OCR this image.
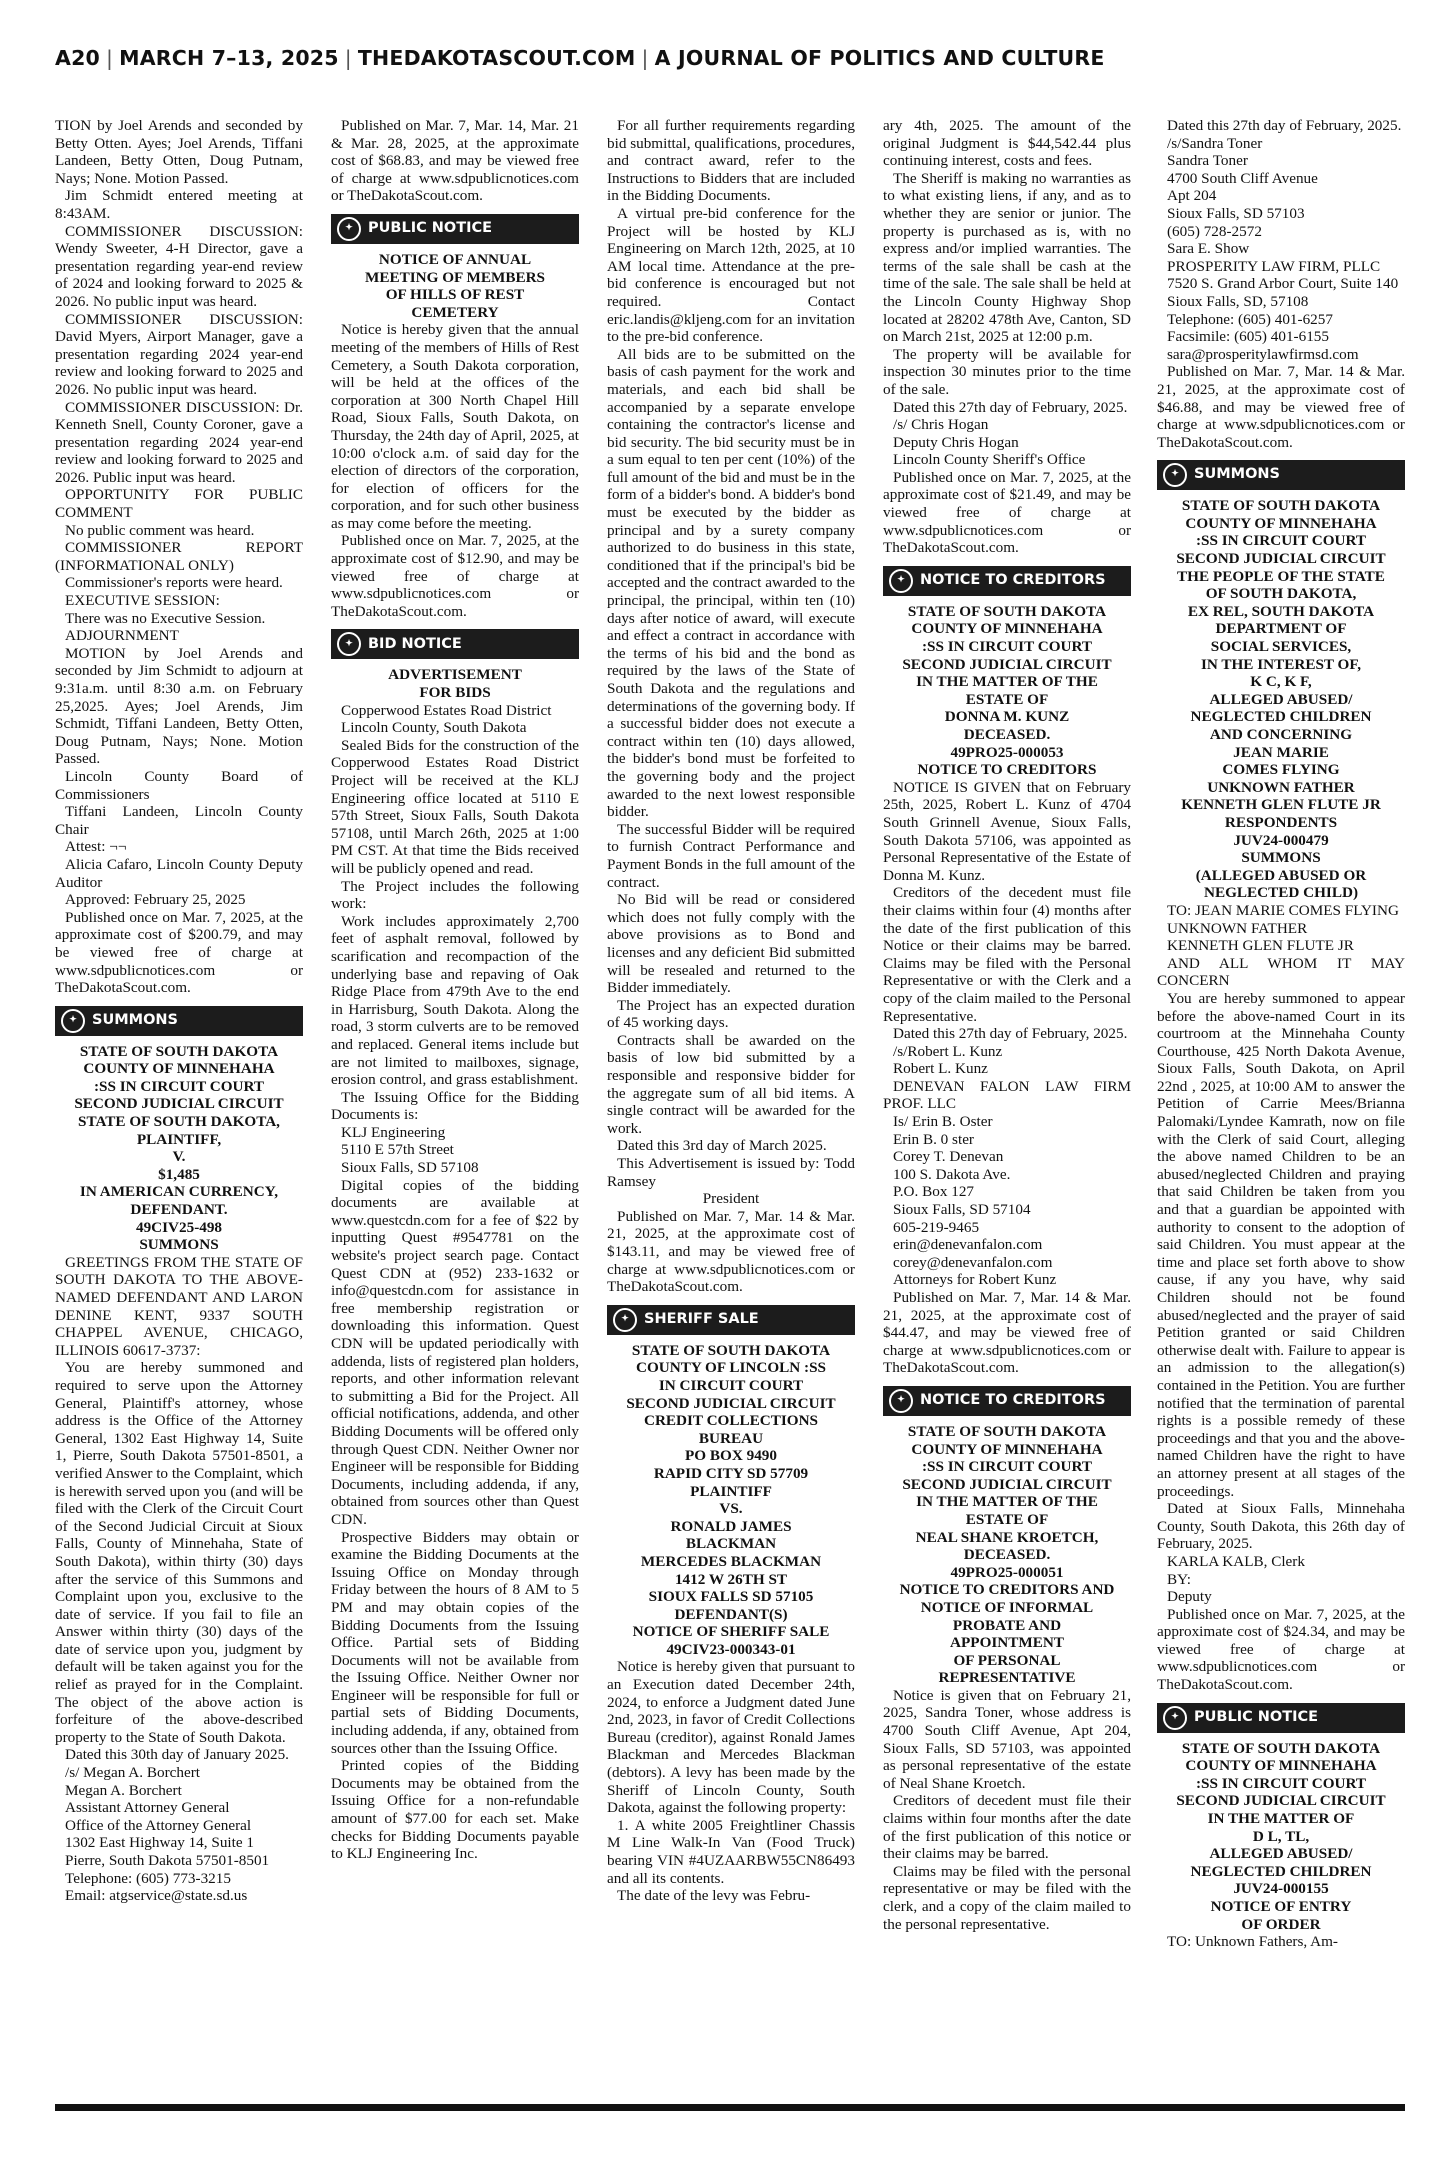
A20 | MARCH 7–13, 2025 | THEDAKOTASCOUT.COM | A JOURNAL OF POLITICS AND CULTURE

TION by Joel Arends and seconded by Betty Otten. Ayes; Joel Arends, Tiffani Landeen, Betty Otten, Doug Putnam, Nays; None. Motion Passed.

Jim Schmidt entered meeting at 8:43AM.

COMMISSIONER DISCUSSION: Wendy Sweeter, 4-H Director, gave a presentation regarding year-end review of 2024 and looking forward to 2025 & 2026. No public input was heard.

COMMISSIONER DISCUSSION: David Myers, Airport Manager, gave a presentation regarding 2024 year-end review and looking forward to 2025 and 2026. No public input was heard.

COMMISSIONER DISCUSSION: Dr. Kenneth Snell, County Coroner, gave a presentation regarding 2024 year-end review and looking forward to 2025 and 2026. Public input was heard.

OPPORTUNITY FOR PUBLIC COMMENT

No public comment was heard.

COMMISSIONER REPORT (INFORMATIONAL ONLY)

Commissioner's reports were heard.

EXECUTIVE SESSION:

There was no Executive Session.

ADJOURNMENT

MOTION by Joel Arends and seconded by Jim Schmidt to adjourn at 9:31a.m. until 8:30 a.m. on February 25,2025. Ayes; Joel Arends, Jim Schmidt, Tiffani Landeen, Betty Otten, Doug Putnam, Nays; None. Motion Passed.

Lincoln County Board of Commissioners

Tiffani Landeen, Lincoln County Chair

Attest: ¬¬

Alicia Cafaro, Lincoln County Deputy Auditor

Approved: February 25, 2025

Published once on Mar. 7, 2025, at the approximate cost of $200.79, and may be viewed free of charge at www.sdpublicnotices.com or TheDakotaScout.com.

✦	SUMMONS

STATE OF SOUTH DAKOTA

COUNTY OF MINNEHAHA

:SS IN CIRCUIT COURT

SECOND JUDICIAL CIRCUIT

STATE OF SOUTH DAKOTA,

PLAINTIFF,

V.

$1,485

IN AMERICAN CURRENCY,

DEFENDANT.

49CIV25-498

SUMMONS

GREETINGS FROM THE STATE OF SOUTH DAKOTA TO THE ABOVE-NAMED DEFENDANT AND LARON DENINE KENT, 9337 SOUTH CHAPPEL AVENUE, CHICAGO, ILLINOIS 60617-3737:

You are hereby summoned and required to serve upon the Attorney General, Plaintiff's attorney, whose address is the Office of the Attorney General, 1302 East Highway 14, Suite 1, Pierre, South Dakota 57501-8501, a verified Answer to the Complaint, which is herewith served upon you (and will be filed with the Clerk of the Circuit Court of the Second Judicial Circuit at Sioux Falls, County of Minnehaha, State of South Dakota), within thirty (30) days after the service of this Summons and Complaint upon you, exclusive to the date of service. If you fail to file an Answer within thirty (30) days of the date of service upon you, judgment by default will be taken against you for the relief as prayed for in the Complaint. The object of the above action is forfeiture of the above-described property to the State of South Dakota.

Dated this 30th day of January 2025.

/s/ Megan A. Borchert

Megan A. Borchert

Assistant Attorney General

Office of the Attorney General

1302 East Highway 14, Suite 1

Pierre, South Dakota 57501-8501

Telephone: (605) 773-3215

Email: atgservice@state.sd.us

Published on Mar. 7, Mar. 14, Mar. 21 & Mar. 28, 2025, at the approximate cost of $68.83, and may be viewed free of charge at www.sdpublicnotices.com or TheDakotaScout.com.

✦	PUBLIC NOTICE

NOTICE OF ANNUAL

MEETING OF MEMBERS

OF HILLS OF REST

CEMETERY

Notice is hereby given that the annual meeting of the members of Hills of Rest Cemetery, a South Dakota corporation, will be held at the offices of the corporation at 300 North Chapel Hill Road, Sioux Falls, South Dakota, on Thursday, the 24th day of April, 2025, at 10:00 o'clock a.m. of said day for the election of directors of the corporation, for election of officers for the corporation, and for such other business as may come before the meeting.

Published once on Mar. 7, 2025, at the approximate cost of $12.90, and may be viewed free of charge at www.sdpublicnotices.com or TheDakotaScout.com.

✦	BID NOTICE

ADVERTISEMENT

FOR BIDS

Copperwood Estates Road District

Lincoln County, South Dakota

Sealed Bids for the construction of the Copperwood Estates Road District Project will be received at the KLJ Engineering office located at 5110 E 57th Street, Sioux Falls, South Dakota 57108, until March 26th, 2025 at 1:00 PM CST. At that time the Bids received will be publicly opened and read.

The Project includes the following work:

Work includes approximately 2,700 feet of asphalt removal, followed by scarification and recompaction of the underlying base and repaving of Oak Ridge Place from 479th Ave to the end in Harrisburg, South Dakota. Along the road, 3 storm culverts are to be removed and replaced. General items include but are not limited to mailboxes, signage, erosion control, and grass establishment.

The Issuing Office for the Bidding Documents is:

KLJ Engineering

5110 E 57th Street

Sioux Falls, SD 57108

Digital copies of the bidding documents are available at www.questcdn.com for a fee of $22 by inputting Quest #9547781 on the website's project search page. Contact Quest CDN at (952) 233-1632 or info@questcdn.com for assistance in free membership registration or downloading this information. Quest CDN will be updated periodically with addenda, lists of registered plan holders, reports, and other information relevant to submitting a Bid for the Project. All official notifications, addenda, and other Bidding Documents will be offered only through Quest CDN. Neither Owner nor Engineer will be responsible for Bidding Documents, including addenda, if any, obtained from sources other than Quest CDN.

Prospective Bidders may obtain or examine the Bidding Documents at the Issuing Office on Monday through Friday between the hours of 8 AM to 5 PM and may obtain copies of the Bidding Documents from the Issuing Office. Partial sets of Bidding Documents will not be available from the Issuing Office. Neither Owner nor Engineer will be responsible for full or partial sets of Bidding Documents, including addenda, if any, obtained from sources other than the Issuing Office.

Printed copies of the Bidding Documents may be obtained from the Issuing Office for a non-refundable amount of $77.00 for each set. Make checks for Bidding Documents payable to KLJ Engineering Inc.

For all further requirements regarding bid submittal, qualifications, procedures, and contract award, refer to the Instructions to Bidders that are included in the Bidding Documents.

A virtual pre-bid conference for the Project will be hosted by KLJ Engineering on March 12th, 2025, at 10 AM local time. Attendance at the pre-bid conference is encouraged but not required. Contact eric.landis@kljeng.com for an invitation to the pre-bid conference.

All bids are to be submitted on the basis of cash payment for the work and materials, and each bid shall be accompanied by a separate envelope containing the contractor's license and bid security. The bid security must be in a sum equal to ten per cent (10%) of the full amount of the bid and must be in the form of a bidder's bond. A bidder's bond must be executed by the bidder as principal and by a surety company authorized to do business in this state, conditioned that if the principal's bid be accepted and the contract awarded to the principal, the principal, within ten (10) days after notice of award, will execute and effect a contract in accordance with the terms of his bid and the bond as required by the laws of the State of South Dakota and the regulations and determinations of the governing body. If a successful bidder does not execute a contract within ten (10) days allowed, the bidder's bond must be forfeited to the governing body and the project awarded to the next lowest responsible bidder.

The successful Bidder will be required to furnish Contract Performance and Payment Bonds in the full amount of the contract.

No Bid will be read or considered which does not fully comply with the above provisions as to Bond and licenses and any deficient Bid submitted will be resealed and returned to the Bidder immediately.

The Project has an expected duration of 45 working days.

Contracts shall be awarded on the basis of low bid submitted by a responsible and responsive bidder for the aggregate sum of all bid items. A single contract will be awarded for the work.

Dated this 3rd day of March 2025.

This Advertisement is issued by: Todd Ramsey

President

Published on Mar. 7, Mar. 14 & Mar. 21, 2025, at the approximate cost of $143.11, and may be viewed free of charge at www.sdpublicnotices.com or TheDakotaScout.com.

✦	SHERIFF SALE

STATE OF SOUTH DAKOTA

COUNTY OF LINCOLN :SS

IN CIRCUIT COURT

SECOND JUDICIAL CIRCUIT

CREDIT COLLECTIONS

BUREAU

PO BOX 9490

RAPID CITY SD 57709

PLAINTIFF

VS.

RONALD JAMES

BLACKMAN

MERCEDES BLACKMAN

1412 W 26TH ST

SIOUX FALLS SD 57105

DEFENDANT(S)

NOTICE OF SHERIFF SALE

49CIV23-000343-01

Notice is hereby given that pursuant to an Execution dated December 24th, 2024, to enforce a Judgment dated June 2nd, 2023, in favor of Credit Collections Bureau (creditor), against Ronald James Blackman and Mercedes Blackman (debtors). A levy has been made by the Sheriff of Lincoln County, South Dakota, against the following property:

1. A white 2005 Freightliner Chassis M Line Walk-In Van (Food Truck) bearing VIN #4UZAARBW55CN86493 and all its contents.

The date of the levy was Febru-

ary 4th, 2025. The amount of the original Judgment is $44,542.44 plus continuing interest, costs and fees.

The Sheriff is making no warranties as to what existing liens, if any, and as to whether they are senior or junior. The property is purchased as is, with no express and/or implied warranties. The terms of the sale shall be cash at the time of the sale. The sale shall be held at the Lincoln County Highway Shop located at 28202 478th Ave, Canton, SD on March 21st, 2025 at 12:00 p.m.

The property will be available for inspection 30 minutes prior to the time of the sale.

Dated this 27th day of February, 2025.

/s/ Chris Hogan

Deputy Chris Hogan

Lincoln County Sheriff's Office

Published once on Mar. 7, 2025, at the approximate cost of $21.49, and may be viewed free of charge at www.sdpublicnotices.com or TheDakotaScout.com.

✦	NOTICE TO CREDITORS

STATE OF SOUTH DAKOTA

COUNTY OF MINNEHAHA

:SS IN CIRCUIT COURT

SECOND JUDICIAL CIRCUIT

IN THE MATTER OF THE

ESTATE OF

DONNA M. KUNZ

DECEASED.

49PRO25-000053

NOTICE TO CREDITORS

NOTICE IS GIVEN that on February 25th, 2025, Robert L. Kunz of 4704 South Grinnell Avenue, Sioux Falls, South Dakota 57106, was appointed as Personal Representative of the Estate of Donna M. Kunz.

Creditors of the decedent must file their claims within four (4) months after the date of the first publication of this Notice or their claims may be barred. Claims may be filed with the Personal Representative or with the Clerk and a copy of the claim mailed to the Personal Representative.

Dated this 27th day of February, 2025.

/s/Robert L. Kunz

Robert L. Kunz

DENEVAN FALON LAW FIRM PROF. LLC

Is/ Erin B. Oster

Erin B. 0 ster

Corey T. Denevan

100 S. Dakota Ave.

P.O. Box 127

Sioux Falls, SD 57104

605-219-9465

erin@denevanfalon.com

corey@denevanfalon.com

Attorneys for Robert Kunz

Published on Mar. 7, Mar. 14 & Mar. 21, 2025, at the approximate cost of $44.47, and may be viewed free of charge at www.sdpublicnotices.com or TheDakotaScout.com.

✦	NOTICE TO CREDITORS

STATE OF SOUTH DAKOTA

COUNTY OF MINNEHAHA

:SS IN CIRCUIT COURT

SECOND JUDICIAL CIRCUIT

IN THE MATTER OF THE

ESTATE OF

NEAL SHANE KROETCH,

DECEASED.

49PRO25-000051

NOTICE TO CREDITORS AND

NOTICE OF INFORMAL

PROBATE AND

APPOINTMENT

OF PERSONAL

REPRESENTATIVE

Notice is given that on February 21, 2025, Sandra Toner, whose address is 4700 South Cliff Avenue, Apt 204, Sioux Falls, SD 57103, was appointed as personal representative of the estate of Neal Shane Kroetch.

Creditors of decedent must file their claims within four months after the date of the first publication of this notice or their claims may be barred.

Claims may be filed with the personal representative or may be filed with the clerk, and a copy of the claim mailed to the personal representative.

Dated this 27th day of February, 2025.

/s/Sandra Toner

Sandra Toner

4700 South Cliff Avenue

Apt 204

Sioux Falls, SD 57103

(605) 728-2572

Sara E. Show

PROSPERITY LAW FIRM, PLLC

7520 S. Grand Arbor Court, Suite 140

Sioux Falls, SD, 57108

Telephone: (605) 401-6257

Facsimile: (605) 401-6155

sara@prosperitylawfirmsd.com

Published on Mar. 7, Mar. 14 & Mar. 21, 2025, at the approximate cost of $46.88, and may be viewed free of charge at www.sdpublicnotices.com or TheDakotaScout.com.

✦	SUMMONS

STATE OF SOUTH DAKOTA

COUNTY OF MINNEHAHA

:SS IN CIRCUIT COURT

SECOND JUDICIAL CIRCUIT

THE PEOPLE OF THE STATE

OF SOUTH DAKOTA,

EX REL, SOUTH DAKOTA

DEPARTMENT OF

SOCIAL SERVICES,

IN THE INTEREST OF,

K C, K F,

ALLEGED ABUSED/

NEGLECTED CHILDREN

AND CONCERNING

JEAN MARIE

COMES FLYING

UNKNOWN FATHER

KENNETH GLEN FLUTE JR

RESPONDENTS

JUV24-000479

SUMMONS

(ALLEGED ABUSED OR

NEGLECTED CHILD)

TO: JEAN MARIE COMES FLYING

UNKNOWN FATHER

KENNETH GLEN FLUTE JR

AND ALL WHOM IT MAY CONCERN

You are hereby summoned to appear before the above-named Court in its courtroom at the Minnehaha County Courthouse, 425 North Dakota Avenue, Sioux Falls, South Dakota, on April 22nd , 2025, at 10:00 AM to answer the Petition of Carrie Mees/Brianna Palomaki/Lyndee Kamrath, now on file with the Clerk of said Court, alleging the above named Children to be an abused/neglected Children and praying that said Children be taken from you and that a guardian be appointed with authority to consent to the adoption of said Children. You must appear at the time and place set forth above to show cause, if any you have, why said Children should not be found abused/neglected and the prayer of said Petition granted or said Children otherwise dealt with. Failure to appear is an admission to the allegation(s) contained in the Petition. You are further notified that the termination of parental rights is a possible remedy of these proceedings and that you and the above-named Children have the right to have an attorney present at all stages of the proceedings.

Dated at Sioux Falls, Minnehaha County, South Dakota, this 26th day of February, 2025.

KARLA KALB, Clerk

BY:

Deputy

Published once on Mar. 7, 2025, at the approximate cost of $24.34, and may be viewed free of charge at www.sdpublicnotices.com or TheDakotaScout.com.

✦	PUBLIC NOTICE

STATE OF SOUTH DAKOTA

COUNTY OF MINNEHAHA

:SS IN CIRCUIT COURT

SECOND JUDICIAL CIRCUIT

IN THE MATTER OF

D L, TL,

ALLEGED ABUSED/

NEGLECTED CHILDREN

JUV24-000155

NOTICE OF ENTRY

OF ORDER

TO: Unknown Fathers, Am-
